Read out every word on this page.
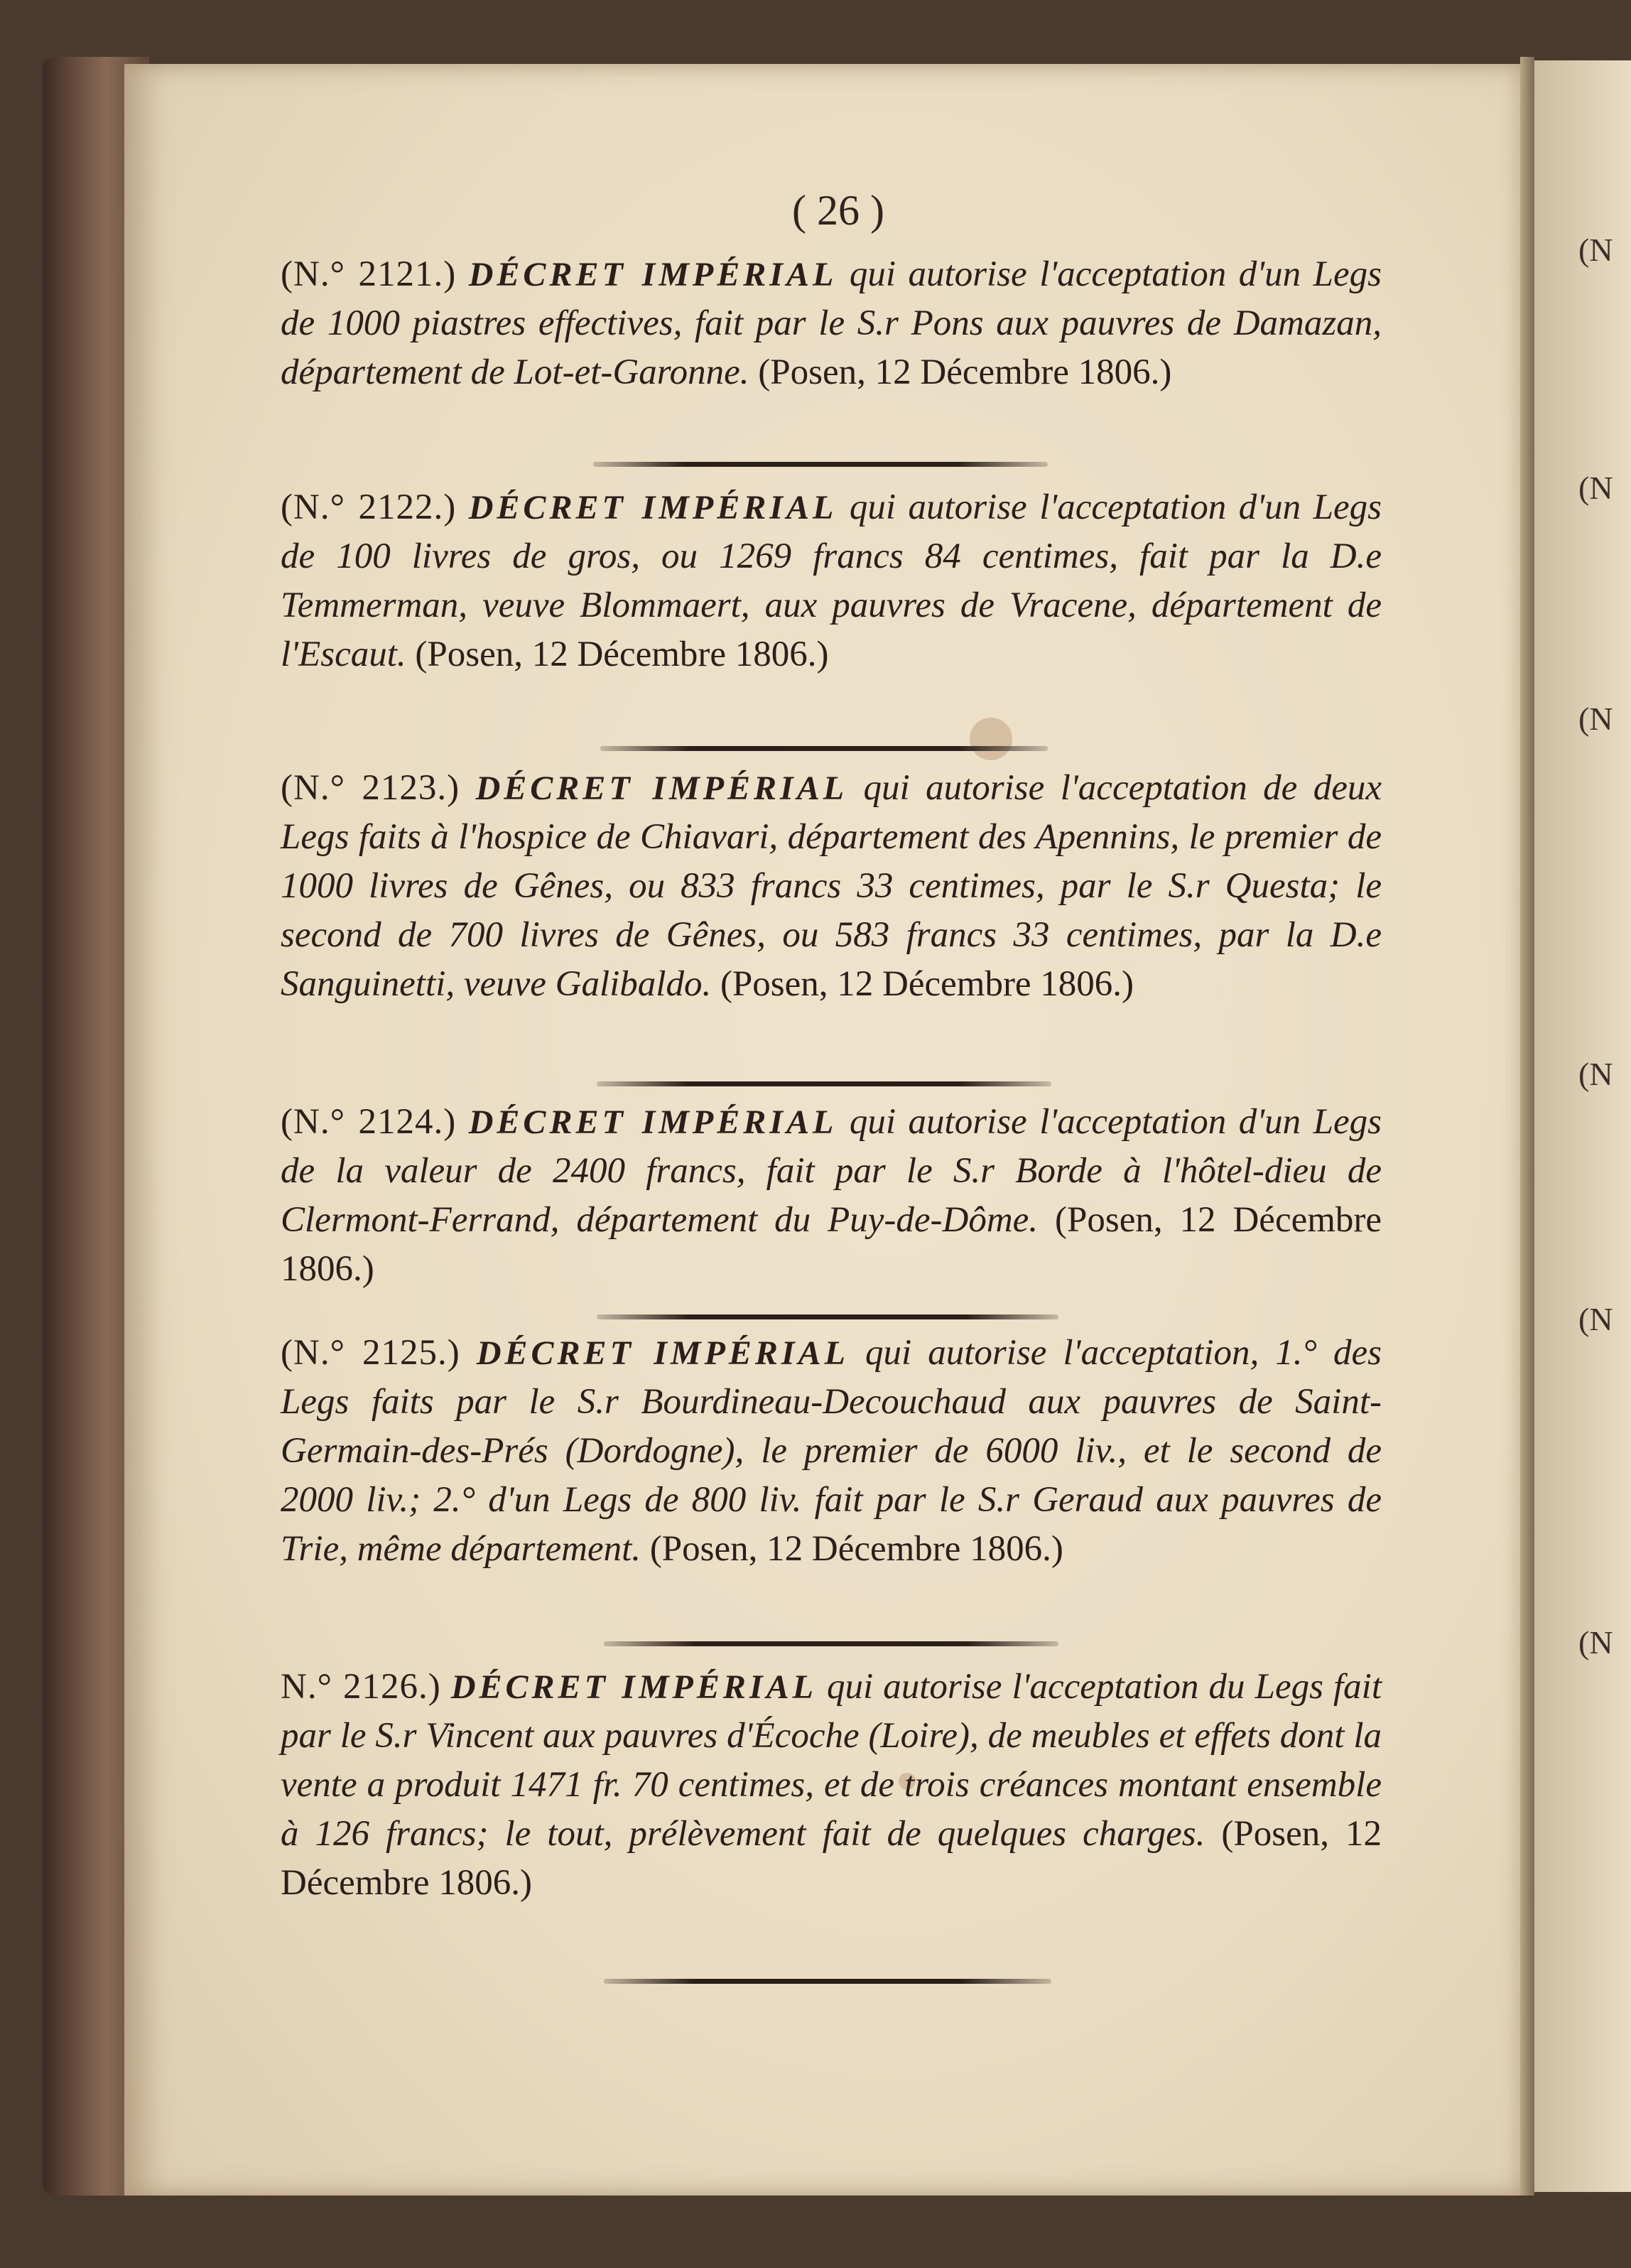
(N
(N
(N
(N
(N
(N
( 26 )
(N.° 2121.) DÉCRET IMPÉRIAL qui autorise l'acceptation d'un Legs de 1000 piastres effectives, fait par le S.r Pons aux pauvres de Damazan, département de Lot-et-Garonne. (Posen, 12 Décembre 1806.)
(N.° 2122.) DÉCRET IMPÉRIAL qui autorise l'acceptation d'un Legs de 100 livres de gros, ou 1269 francs 84 centimes, fait par la D.e Temmerman, veuve Blommaert, aux pauvres de Vracene, département de l'Escaut. (Posen, 12 Décembre 1806.)
(N.° 2123.) DÉCRET IMPÉRIAL qui autorise l'acceptation de deux Legs faits à l'hospice de Chiavari, département des Apennins, le premier de 1000 livres de Gênes, ou 833 francs 33 centimes, par le S.r Questa; le second de 700 livres de Gênes, ou 583 francs 33 centimes, par la D.e Sanguinetti, veuve Galibaldo. (Posen, 12 Décembre 1806.)
(N.° 2124.) DÉCRET IMPÉRIAL qui autorise l'acceptation d'un Legs de la valeur de 2400 francs, fait par le S.r Borde à l'hôtel-dieu de Clermont-Ferrand, département du Puy-de-Dôme. (Posen, 12 Décembre 1806.)
(N.° 2125.) DÉCRET IMPÉRIAL qui autorise l'acceptation, 1.° des Legs faits par le S.r Bourdineau-Decouchaud aux pauvres de Saint-Germain-des-Prés (Dordogne), le premier de 6000 liv., et le second de 2000 liv.; 2.° d'un Legs de 800 liv. fait par le S.r Geraud aux pauvres de Trie, même département. (Posen, 12 Décembre 1806.)
N.° 2126.) DÉCRET IMPÉRIAL qui autorise l'acceptation du Legs fait par le S.r Vincent aux pauvres d'Écoche (Loire), de meubles et effets dont la vente a produit 1471 fr. 70 centimes, et de trois créances montant ensemble à 126 francs; le tout, prélèvement fait de quelques charges. (Posen, 12 Décembre 1806.)
